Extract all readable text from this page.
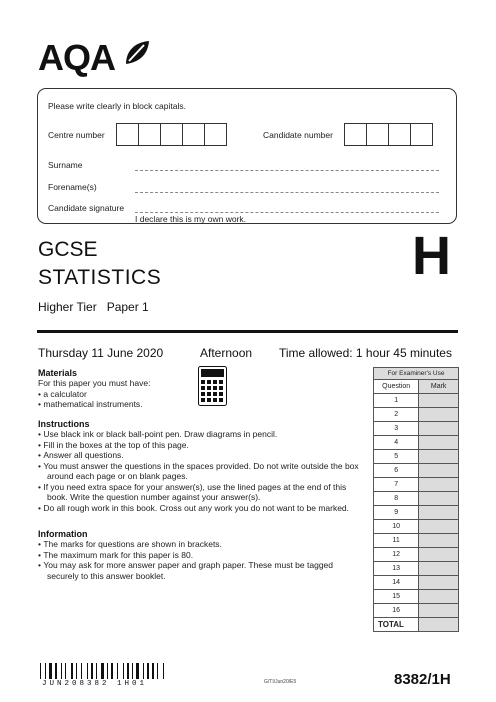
AQA
Please write clearly in block capitals.
Centre number	Candidate number
Surname
Forename(s)
Candidate signature
I declare this is my own work.
GCSE
STATISTICS
Higher Tier Paper 1
H
Thursday 11 June 2020	Afternoon Time allowed: 1 hour 45 minutes
Materials
For this paper you must have:
• a calculator
• mathematical instruments.
Instructions
• Use black ink or black ball-point pen. Draw diagrams in pencil.
• Fill in the boxes at the top of this page.
• Answer all questions.
• You must answer the questions in the spaces provided. Do not write outside the box around each page or on blank pages.
• If you need extra space for your answer(s), use the lined pages at the end of this book. Write the question number against your answer(s).
• Do all rough work in this book. Cross out any work you do not want to be marked.
Information
• The marks for questions are shown in brackets.
• The maximum mark for this paper is 80.
• You may ask for more answer paper and graph paper. These must be tagged securely to this answer booklet.
For Examiner's Use	
Question	Mark
1	
2	
3	
4	
5	
6	
7	
8	
9	
10	
11	
12	
13	
14	
15	
16	
TOTAL	
JUN208382 1H01	G/TI/Jun20/E5	8382/1H
